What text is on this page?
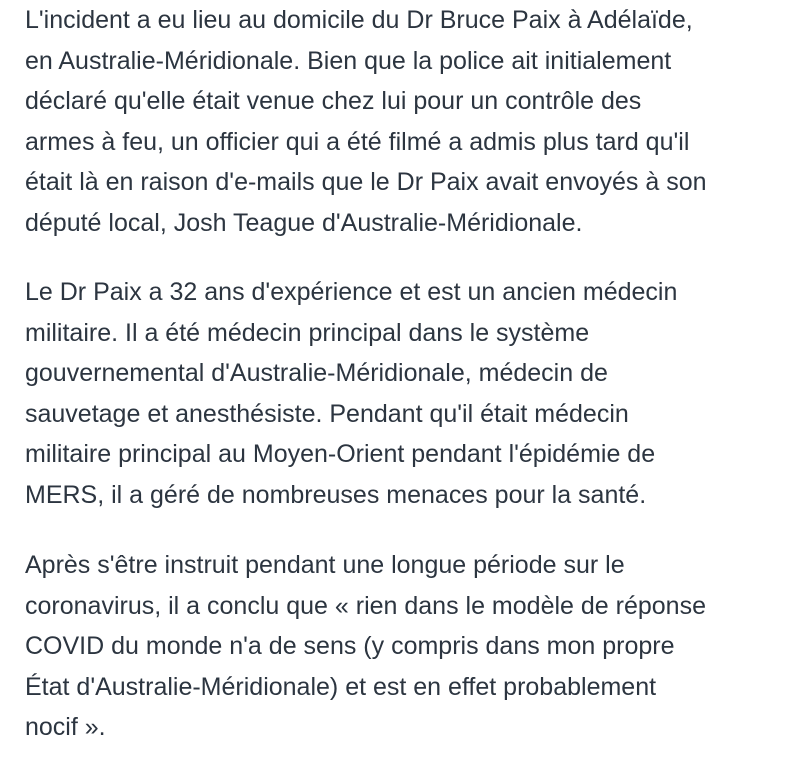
L'incident a eu lieu au domicile du Dr Bruce Paix à Adélaïde,
en Australie-Méridionale. Bien que la police ait initialement
déclaré qu'elle était venue chez lui pour un contrôle des
armes à feu, un officier qui a été filmé a admis plus tard qu'il
était là en raison d'e-mails que le Dr Paix avait envoyés à son
député local, Josh Teague d'Australie-Méridionale.

Le Dr Paix a 32 ans d'expérience et est un ancien médecin
militaire. Il a été médecin principal dans le système
gouvernemental d'Australie-Méridionale, médecin de
sauvetage et anesthésiste. Pendant qu'il était médecin
militaire principal au Moyen-Orient pendant l'épidémie de
MERS, il a géré de nombreuses menaces pour la santé.

Après s'être instruit pendant une longue période sur le
coronavirus, il a conclu que « rien dans le modèle de réponse
COVID du monde n'a de sens (y compris dans mon propre
État d'Australie-Méridionale) et est en effet probablement
nocif ».
